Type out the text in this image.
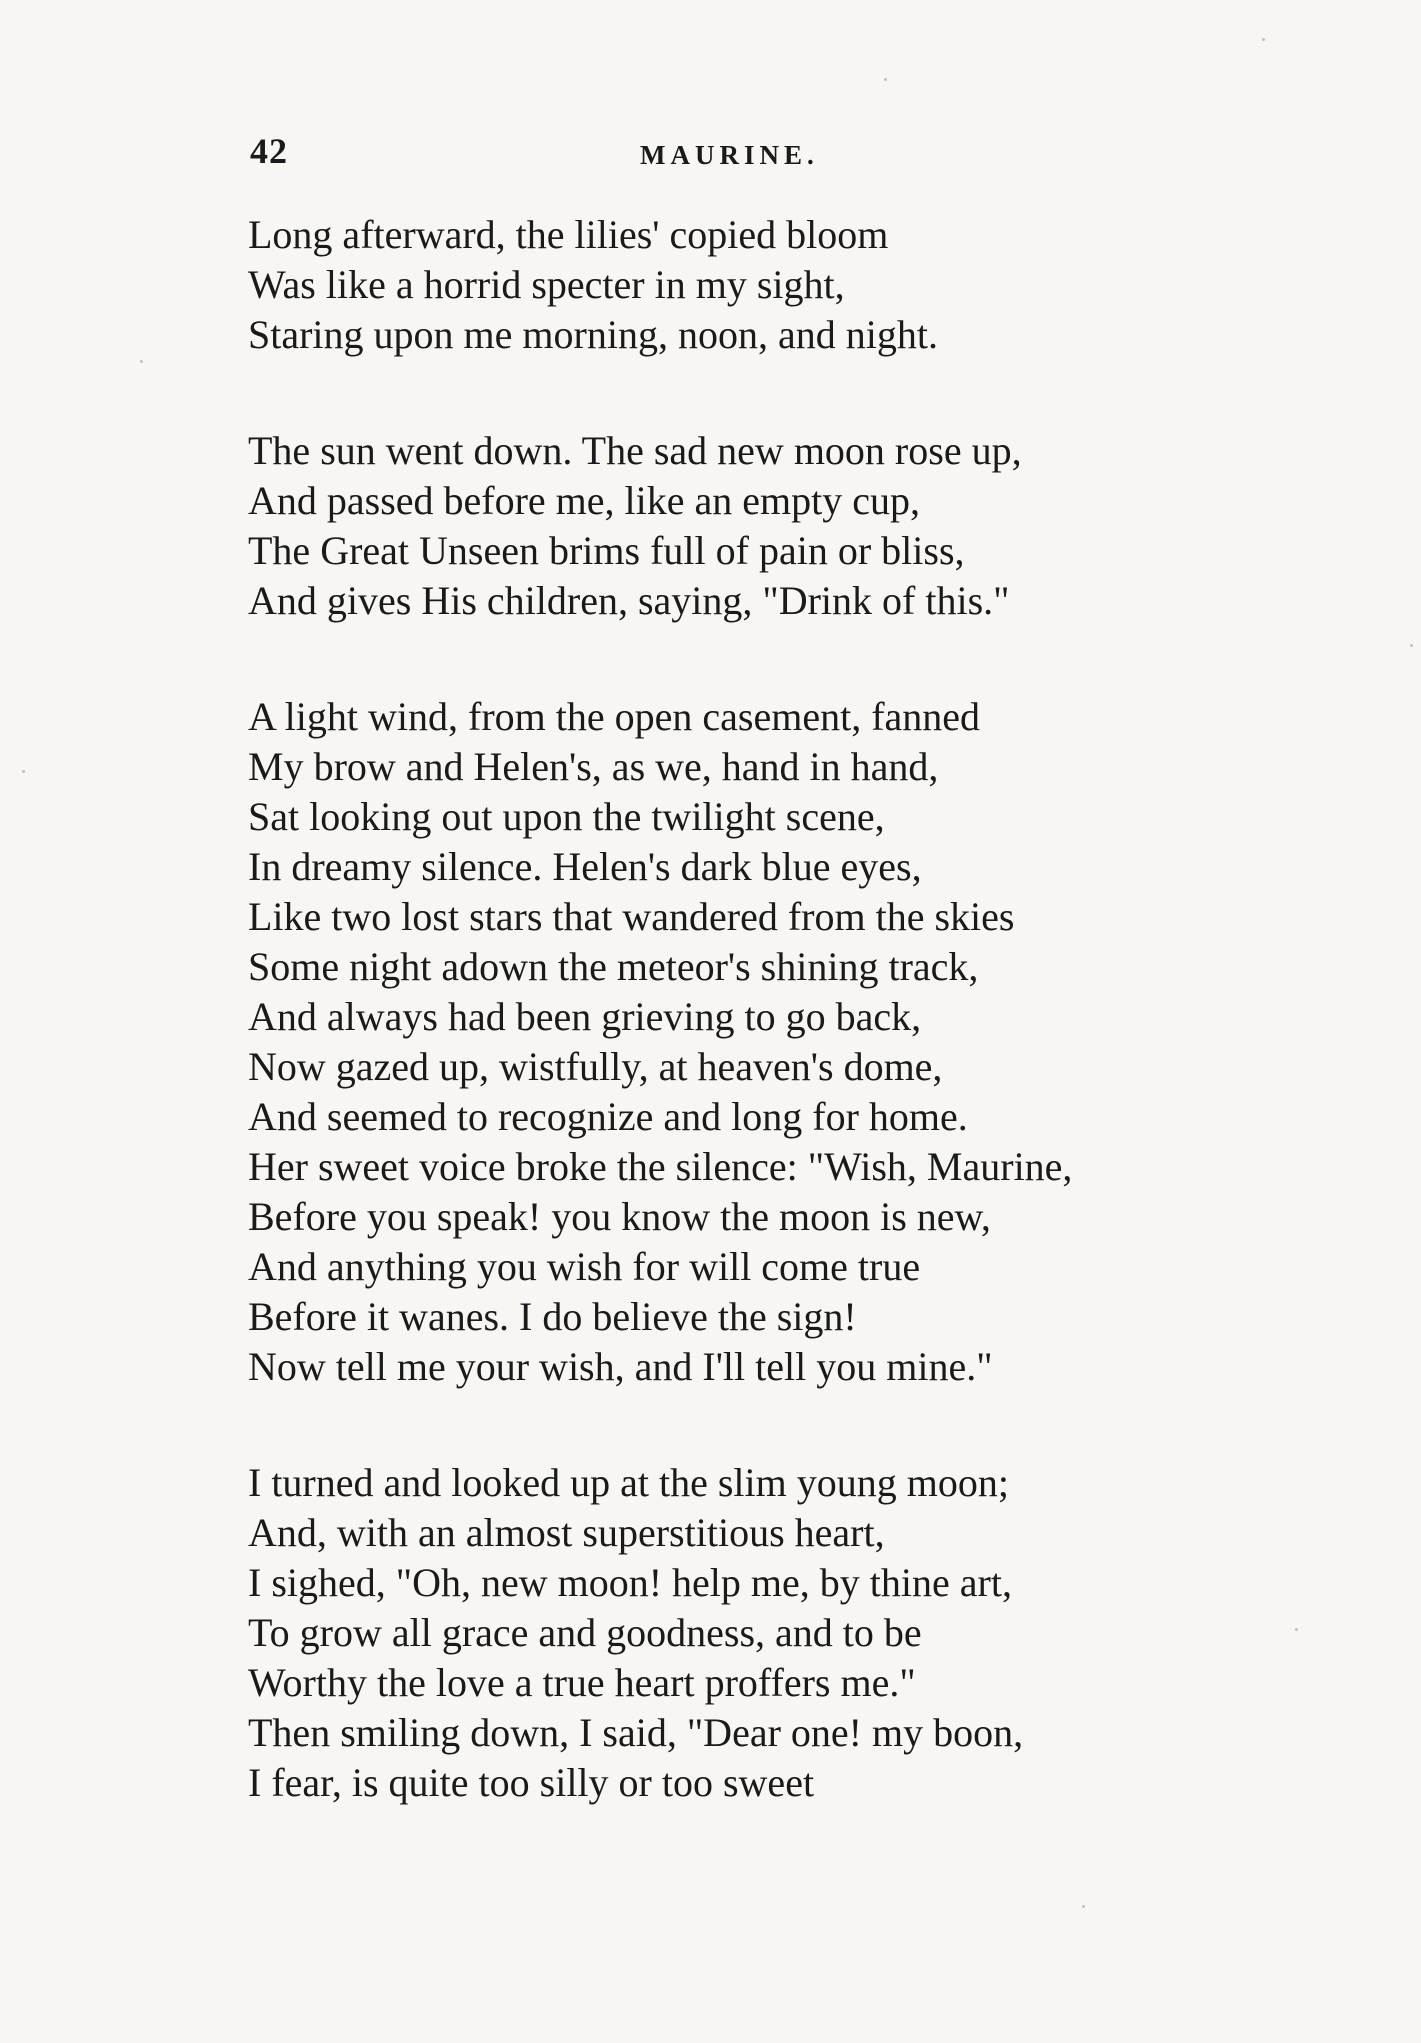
42	MAURINE.
Long afterward, the lilies' copied bloom
Was like a horrid specter in my sight,
Staring upon me morning, noon, and night.
The sun went down. The sad new moon rose up,
And passed before me, like an empty cup,
The Great Unseen brims full of pain or bliss,
And gives His children, saying, "Drink of this."
A light wind, from the open casement, fanned
My brow and Helen's, as we, hand in hand,
Sat looking out upon the twilight scene,
In dreamy silence. Helen's dark blue eyes,
Like two lost stars that wandered from the skies
Some night adown the meteor's shining track,
And always had been grieving to go back,
Now gazed up, wistfully, at heaven's dome,
And seemed to recognize and long for home.
Her sweet voice broke the silence: "Wish, Maurine,
Before you speak! you know the moon is new,
And anything you wish for will come true
Before it wanes. I do believe the sign!
Now tell me your wish, and I'll tell you mine."
I turned and looked up at the slim young moon;
And, with an almost superstitious heart,
I sighed, "Oh, new moon! help me, by thine art,
To grow all grace and goodness, and to be
Worthy the love a true heart proffers me."
Then smiling down, I said, "Dear one! my boon,
I fear, is quite too silly or too sweet
